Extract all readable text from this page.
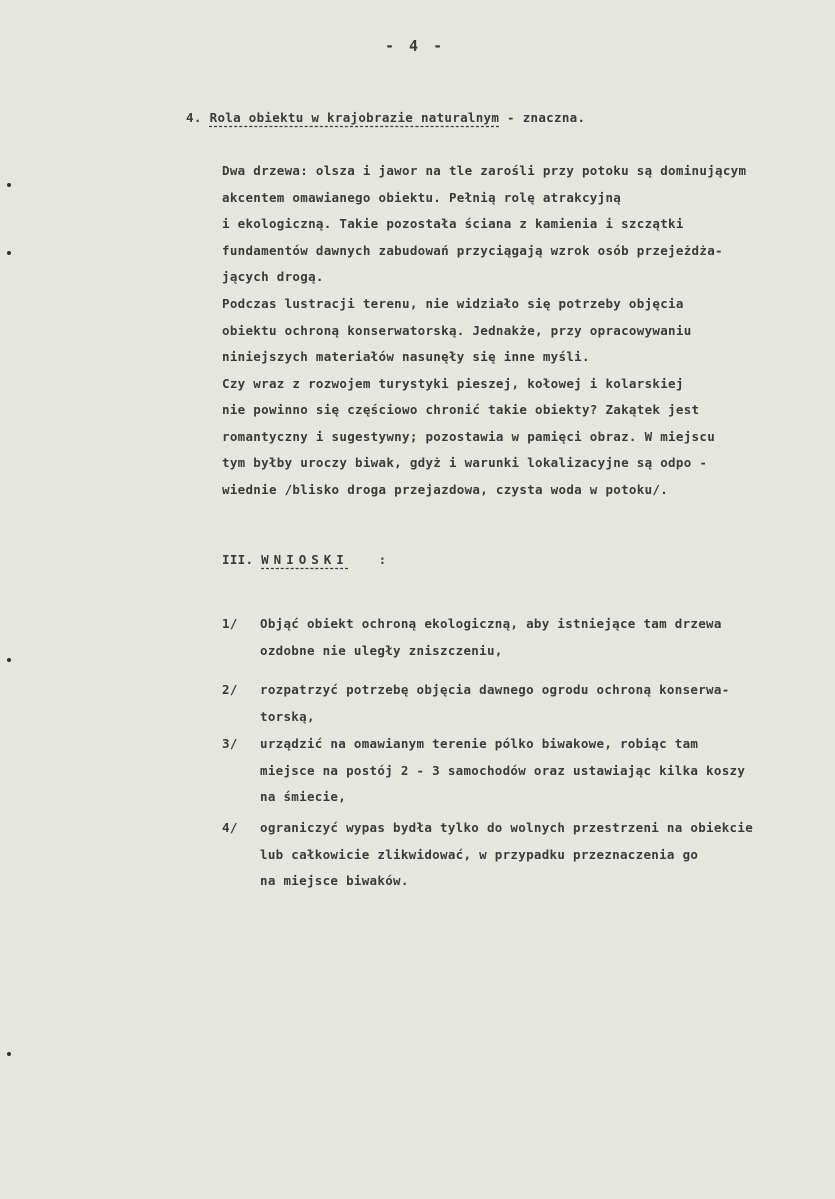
- 4 -
4. Rola obiektu w krajobrazie naturalnym - znaczna.
Dwa drzewa: olsza i jawor na tle zarośli przy potoku są dominującym akcentem omawianego obiektu. Pełnią rolę atrakcyjną
i ekologiczną. Takie pozostała ściana z kamienia i szczątki
fundamentów dawnych zabudowań przyciągają wzrok osób przejeżdża-
jących drogą.
Podczas lustracji terenu, nie widziało się potrzeby objęcia
obiektu ochroną konserwatorską. Jednakże, przy opracowywaniu
niniejszych materiałów nasunęły się inne myśli.
Czy wraz z rozwojem turystyki pieszej, kołowej i kolarskiej
nie powinno się częściowo chronić takie obiekty? Zakątek jest
romantyczny i sugestywny; pozostawia w pamięci obraz. W miejscu
tym byłby uroczy biwak, gdyż i warunki lokalizacyjne są odpo -
wiednie /blisko droga przejazdowa, czysta woda w potoku/.
III. WNIOSKI :
1/ Objąć obiekt ochroną ekologiczną, aby istniejące tam drzewa
ozdobne nie uległy zniszczeniu,
2/ rozpatrzyć potrzebę objęcia dawnego ogrodu ochroną konserwa-
torską,
3/ urządzić na omawianym terenie pólko biwakowe, robiąc tam
miejsce na postój 2 - 3 samochodów oraz ustawiając kilka koszy
na śmiecie,
4/ ograniczyć wypas bydła tylko do wolnych przestrzeni na obiekcie
lub całkowicie zlikwidować, w przypadku przeznaczenia go
na miejsce biwaków.
